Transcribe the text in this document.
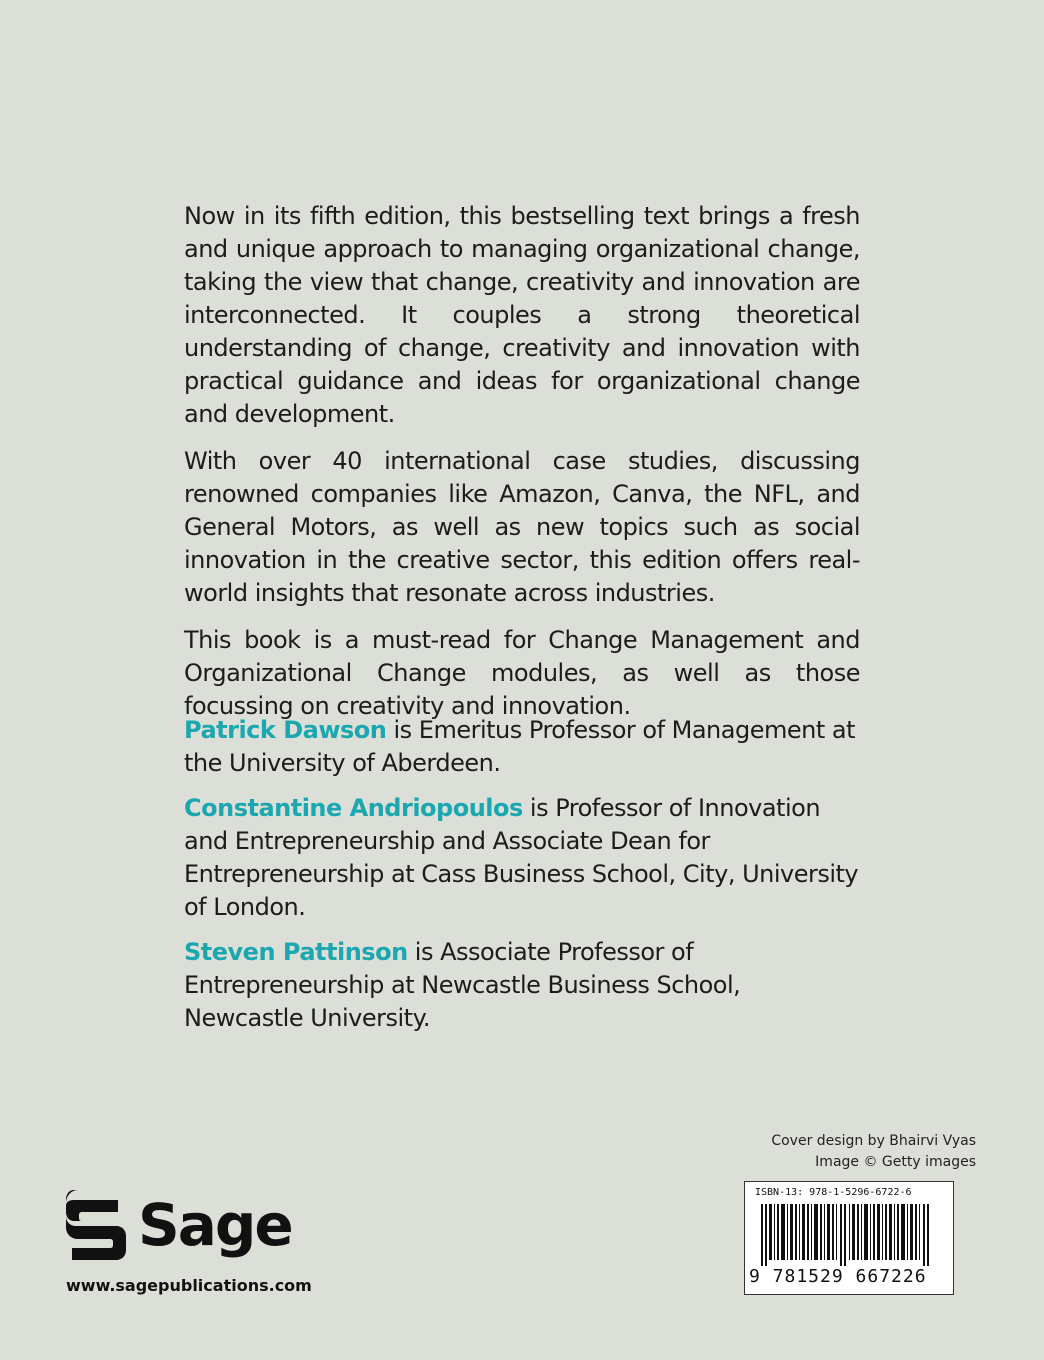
Now in its fifth edition, this bestselling text brings a fresh and unique approach to managing organizational change, taking the view that change, creativity and innovation are interconnected. It couples a strong theoretical understanding of change, creativity and innovation with practical guidance and ideas for organizational change and development.

With over 40 international case studies, discussing renowned companies like Amazon, Canva, the NFL, and General Motors, as well as new topics such as social innovation in the creative sector, this edition offers real-world insights that resonate across industries.

This book is a must-read for Change Management and Organizational Change modules, as well as those focussing on creativity and innovation.

Patrick Dawson is Emeritus Professor of Management at the University of Aberdeen.

Constantine Andriopoulos is Professor of Innovation and Entrepreneurship and Associate Dean for Entrepreneurship at Cass Business School, City, University of London.

Steven Pattinson is Associate Professor of Entrepreneurship at Newcastle Business School, Newcastle University.

Cover design by Bhairvi Vyas
Image © Getty images
Sage
www.sagepublications.com
ISBN-13: 978-1-5296-6722-6
9 781529 667226
